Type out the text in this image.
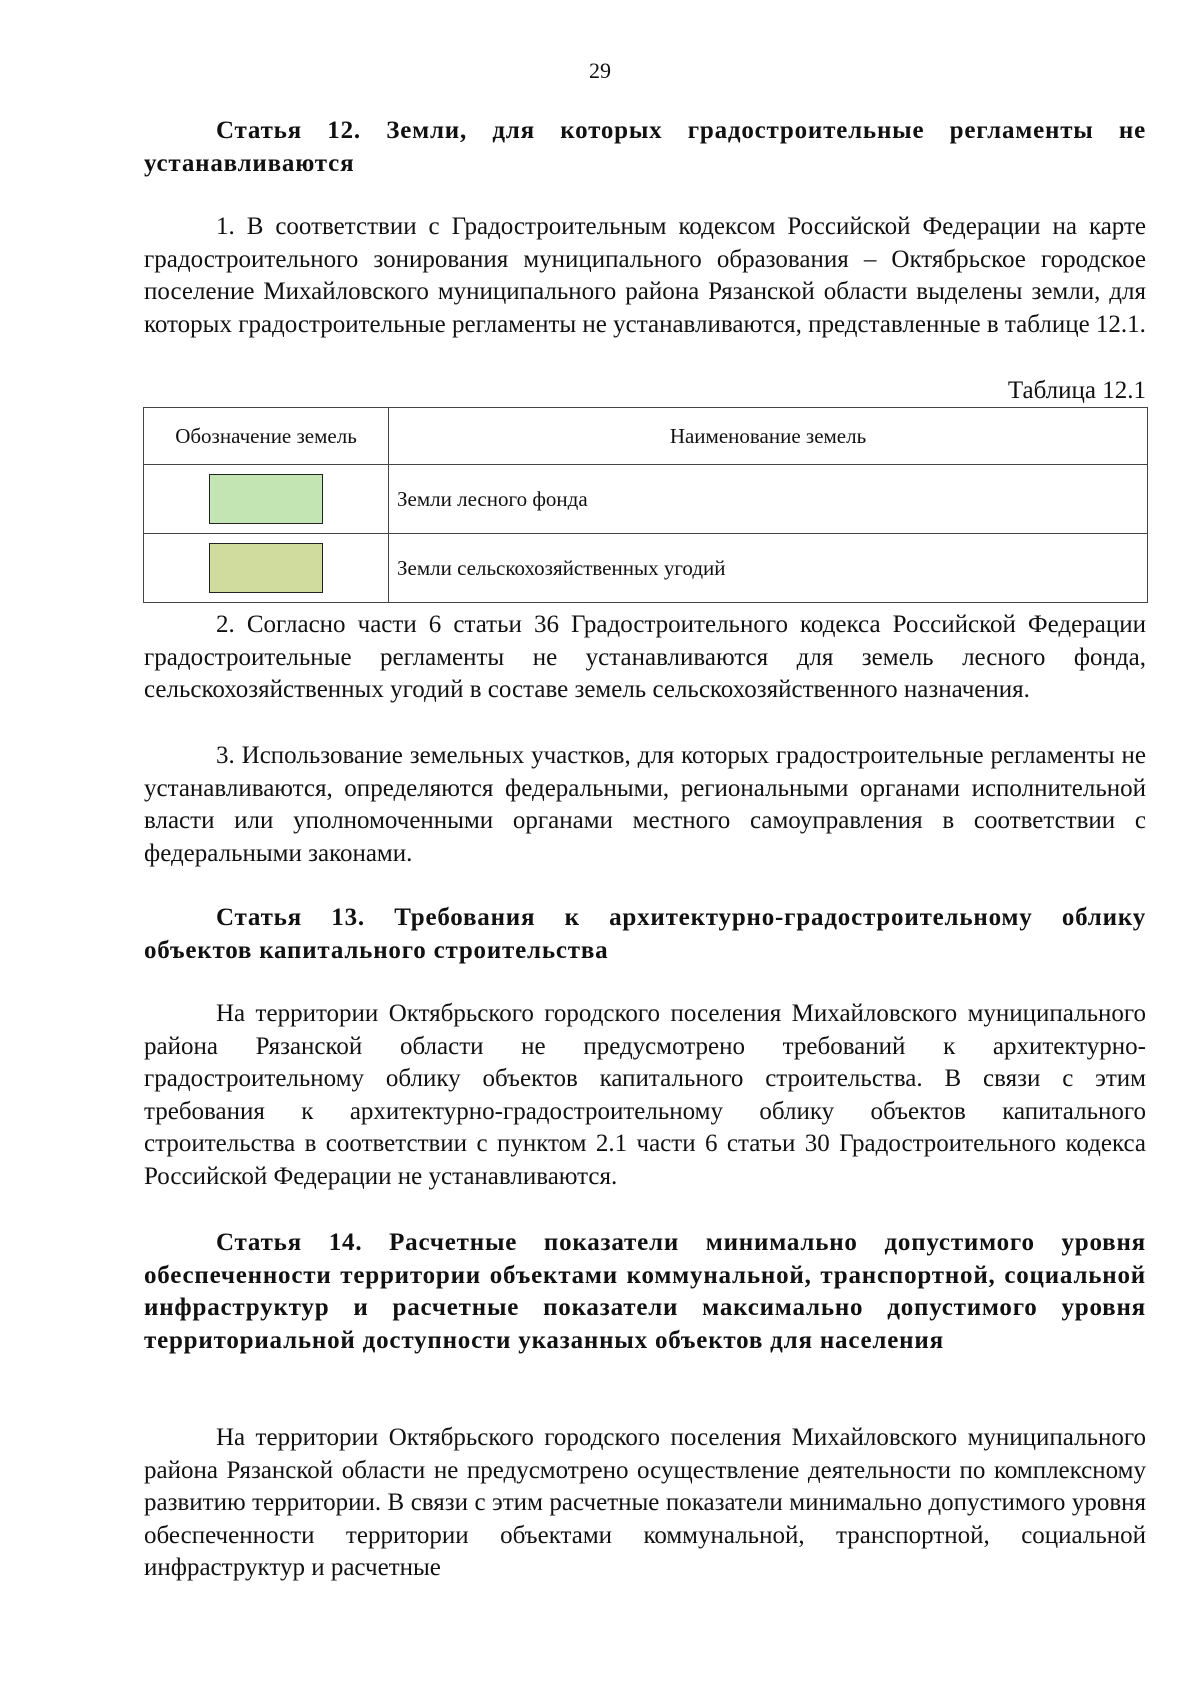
29
Статья 12. Земли, для которых градостроительные регламенты не устанавливаются
1. В соответствии с Градостроительным кодексом Российской Федерации на карте градостроительного зонирования муниципального образования – Октябрьское городское поселение Михайловского муниципального района Рязанской области выделены земли, для которых градостроительные регламенты не устанавливаются, представленные в таблице 12.1.
Таблица 12.1
Обозначение земель	Наименование земель
	Земли лесного фонда
	Земли сельскохозяйственных угодий
2. Согласно части 6 статьи 36 Градостроительного кодекса Российской Федерации градостроительные регламенты не устанавливаются для земель лесного фонда, сельскохозяйственных угодий в составе земель сельскохозяйственного назначения.
3. Использование земельных участков, для которых градостроительные регламенты не устанавливаются, определяются федеральными, региональными органами исполнительной власти или уполномоченными органами местного самоуправления в соответствии с федеральными законами.
Статья 13. Требования к архитектурно-градостроительному облику объектов капитального строительства
На территории Октябрьского городского поселения Михайловского муниципального района Рязанской области не предусмотрено требований к архитектурно-градостроительному облику объектов капитального строительства. В связи с этим требования к архитектурно-градостроительному облику объектов капитального строительства в соответствии с пунктом 2.1 части 6 статьи 30 Градостроительного кодекса Российской Федерации не устанавливаются.
Статья 14. Расчетные показатели минимально допустимого уровня обеспеченности территории объектами коммунальной, транспортной, социальной инфраструктур и расчетные показатели максимально допустимого уровня территориальной доступности указанных объектов для населения
На территории Октябрьского городского поселения Михайловского муниципального района Рязанской области не предусмотрено осуществление деятельности по комплексному развитию территории. В связи с этим расчетные показатели минимально допустимого уровня обеспеченности территории объектами коммунальной, транспортной, социальной инфраструктур и расчетные
